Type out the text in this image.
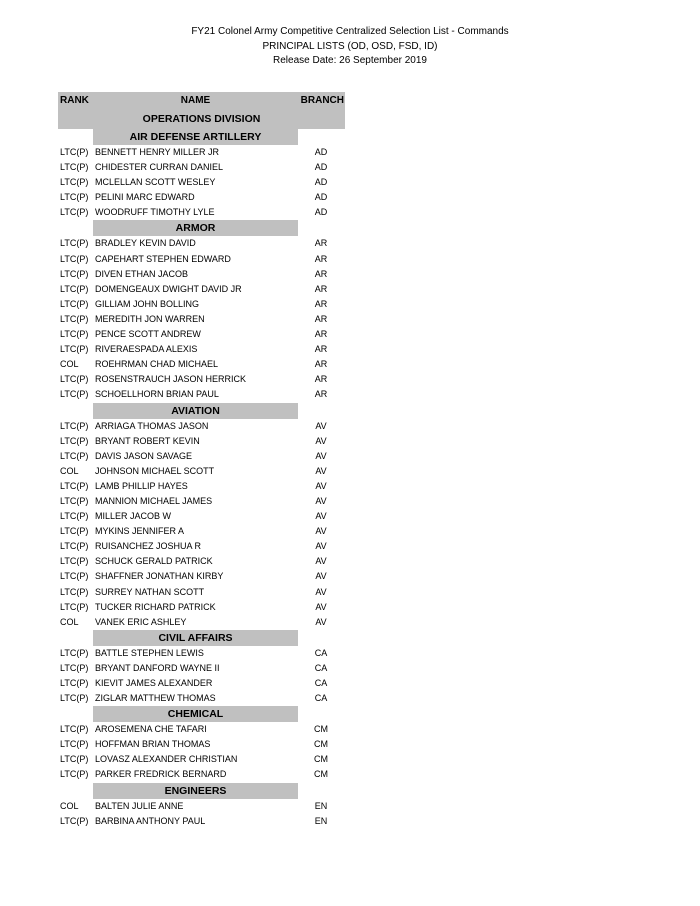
FY21 Colonel Army Competitive Centralized Selection List - Commands
PRINCIPAL LISTS (OD, OSD, FSD, ID)
Release Date: 26 September 2019
RANK	NAME	BRANCH
OPERATIONS DIVISION
AIR DEFENSE ARTILLERY
LTC(P) BENNETT HENRY MILLER JR	AD
LTC(P) CHIDESTER CURRAN DANIEL	AD
LTC(P) MCLELLAN SCOTT WESLEY	AD
LTC(P) PELINI MARC EDWARD	AD
LTC(P) WOODRUFF TIMOTHY LYLE	AD
ARMOR
LTC(P) BRADLEY KEVIN DAVID	AR
LTC(P) CAPEHART STEPHEN EDWARD	AR
LTC(P) DIVEN ETHAN JACOB	AR
LTC(P) DOMENGEAUX DWIGHT DAVID JR	AR
LTC(P) GILLIAM JOHN BOLLING	AR
LTC(P) MEREDITH JON WARREN	AR
LTC(P) PENCE SCOTT ANDREW	AR
LTC(P) RIVERAESPADA ALEXIS	AR
COL ROEHRMAN CHAD MICHAEL	AR
LTC(P) ROSENSTRAUCH JASON HERRICK	AR
LTC(P) SCHOELLHORN BRIAN PAUL	AR
AVIATION
LTC(P) ARRIAGA THOMAS JASON	AV
LTC(P) BRYANT ROBERT KEVIN	AV
LTC(P) DAVIS JASON SAVAGE	AV
COL JOHNSON MICHAEL SCOTT	AV
LTC(P) LAMB PHILLIP HAYES	AV
LTC(P) MANNION MICHAEL JAMES	AV
LTC(P) MILLER JACOB W	AV
LTC(P) MYKINS JENNIFER A	AV
LTC(P) RUISANCHEZ JOSHUA R	AV
LTC(P) SCHUCK GERALD PATRICK	AV
LTC(P) SHAFFNER JONATHAN KIRBY	AV
LTC(P) SURREY NATHAN SCOTT	AV
LTC(P) TUCKER RICHARD PATRICK	AV
COL VANEK ERIC ASHLEY	AV
CIVIL AFFAIRS
LTC(P) BATTLE STEPHEN LEWIS	CA
LTC(P) BRYANT DANFORD WAYNE II	CA
LTC(P) KIEVIT JAMES ALEXANDER	CA
LTC(P) ZIGLAR MATTHEW THOMAS	CA
CHEMICAL
LTC(P) AROSEMENA CHE TAFARI	CM
LTC(P) HOFFMAN BRIAN THOMAS	CM
LTC(P) LOVASZ ALEXANDER CHRISTIAN	CM
LTC(P) PARKER FREDRICK BERNARD	CM
ENGINEERS
COL BALTEN JULIE ANNE	EN
LTC(P) BARBINA ANTHONY PAUL	EN
